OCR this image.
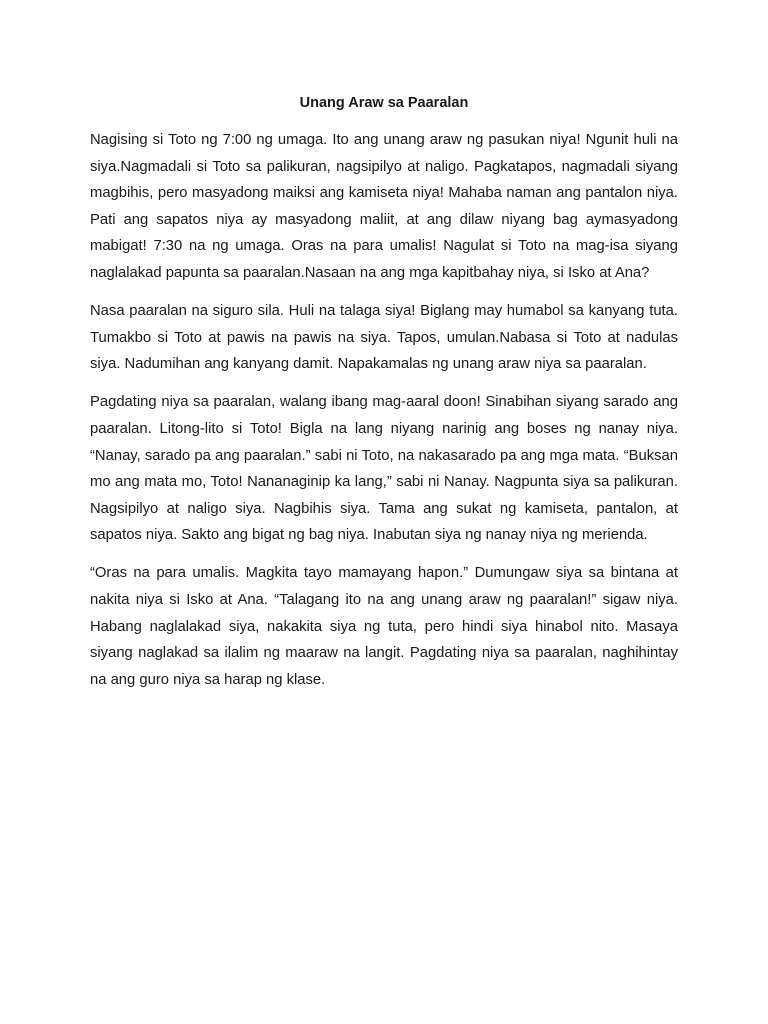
Unang Araw sa Paaralan

Nagising si Toto ng 7:00 ng umaga. Ito ang unang araw ng pasukan niya! Ngunit huli na siya.Nagmadali si Toto sa palikuran, nagsipilyo at naligo. Pagkatapos, nagmadali siyang magbihis, pero masyadong maiksi ang kamiseta niya! Mahaba naman ang pantalon niya. Pati ang sapatos niya ay masyadong maliit, at ang dilaw niyang bag aymasyadong mabigat! 7:30 na ng umaga. Oras na para umalis! Nagulat si Toto na mag-isa siyang naglalakad papunta sa paaralan.Nasaan na ang mga kapitbahay niya, si Isko at Ana?

Nasa paaralan na siguro sila. Huli na talaga siya! Biglang may humabol sa kanyang tuta. Tumakbo si Toto at pawis na pawis na siya. Tapos, umulan.Nabasa si Toto at nadulas siya. Nadumihan ang kanyang damit. Napakamalas ng unang araw niya sa paaralan.

Pagdating niya sa paaralan, walang ibang mag-aaral doon! Sinabihan siyang sarado ang paaralan. Litong-lito si Toto! Bigla na lang niyang narinig ang boses ng nanay niya. “Nanay, sarado pa ang paaralan.” sabi ni Toto, na nakasarado pa ang mga mata. “Buksan mo ang mata mo, Toto! Nananaginip ka lang,” sabi ni Nanay. Nagpunta siya sa palikuran. Nagsipilyo at naligo siya. Nagbihis siya. Tama ang sukat ng kamiseta, pantalon, at sapatos niya. Sakto ang bigat ng bag niya. Inabutan siya ng nanay niya ng merienda.

“Oras na para umalis. Magkita tayo mamayang hapon.” Dumungaw siya sa bintana at nakita niya si Isko at Ana. “Talagang ito na ang unang araw ng paaralan!” sigaw niya. Habang naglalakad siya, nakakita siya ng tuta, pero hindi siya hinabol nito. Masaya siyang naglakad sa ilalim ng maaraw na langit. Pagdating niya sa paaralan, naghihintay na ang guro niya sa harap ng klase.
